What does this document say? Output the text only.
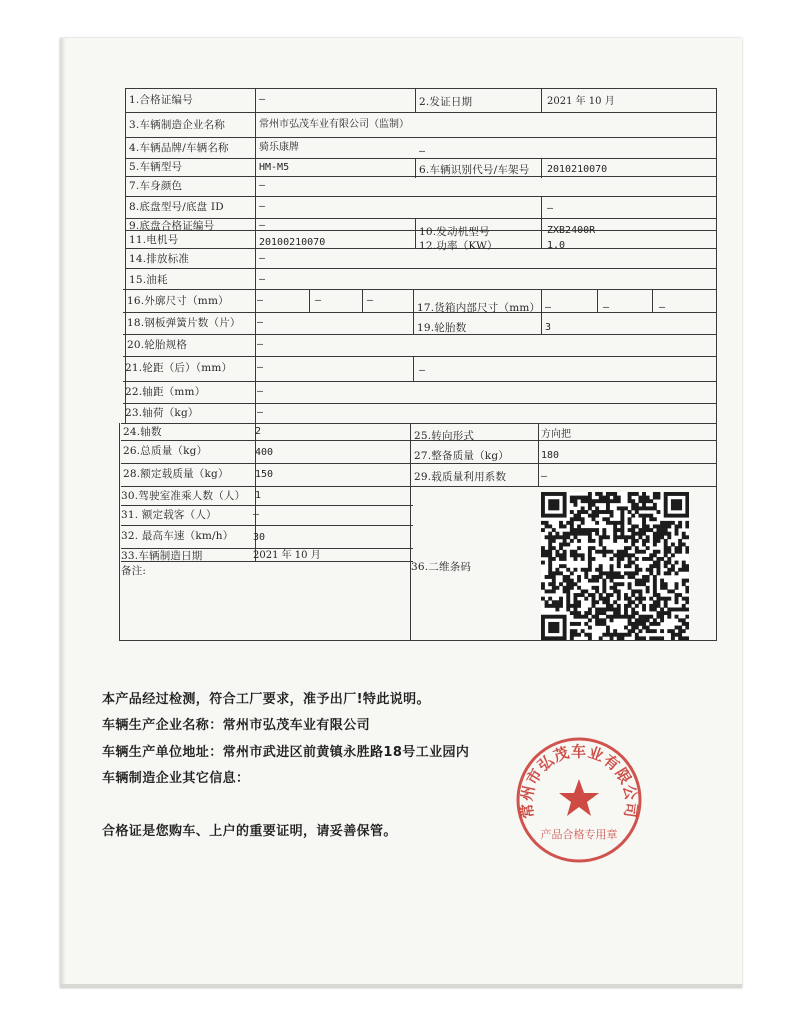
1.合格证编号	—	2.发证日期	2021 年 10 月
3.车辆制造企业名称	常州市弘茂车业有限公司（监制）
4.车辆品牌/车辆名称	骑乐康牌	—
5.车辆型号	HM-M5	6.车辆识别代号/车架号 2010210070
7.车身颜色	—
8.底盘型号/底盘 ID	—	—
9.底盘合格证编号	—
10.发动机型号	ZXB2400R
11.电机号	20100210070	12.功率（KW）	1.0
14.排放标准	—
15.油耗	—
16.外廓尺寸（mm）	—	—	—
17.货箱内部尺寸（mm） —	—	—
18.钢板弹簧片数（片） —	19.轮胎数	3
20.轮胎规格	—
21.轮距（后）（mm） —	—
22.轴距（mm）	—
23.轴荷（kg）	—
24.轴数	2	25.转向形式	方向把
26.总质量（kg）	400	27.整备质量（kg）	180
28.额定载质量（kg）	150	29.载质量利用系数	—
30.驾驶室准乘人数（人） 1
31. 额定载客（人）	—
32. 最高车速（km/h） 30
33.车辆制造日期	2021 年 10 月
备注:	36.二维条码
本产品经过检测，符合工厂要求，准予出厂!特此说明。
车辆生产企业名称：常州市弘茂车业有限公司
车辆生产单位地址：常州市武进区前黄镇永胜路18号工业园内
车辆制造企业其它信息：
合格证是您购车、上户的重要证明，请妥善保管。
常州市弘茂车业有限公司
产品合格专用章
